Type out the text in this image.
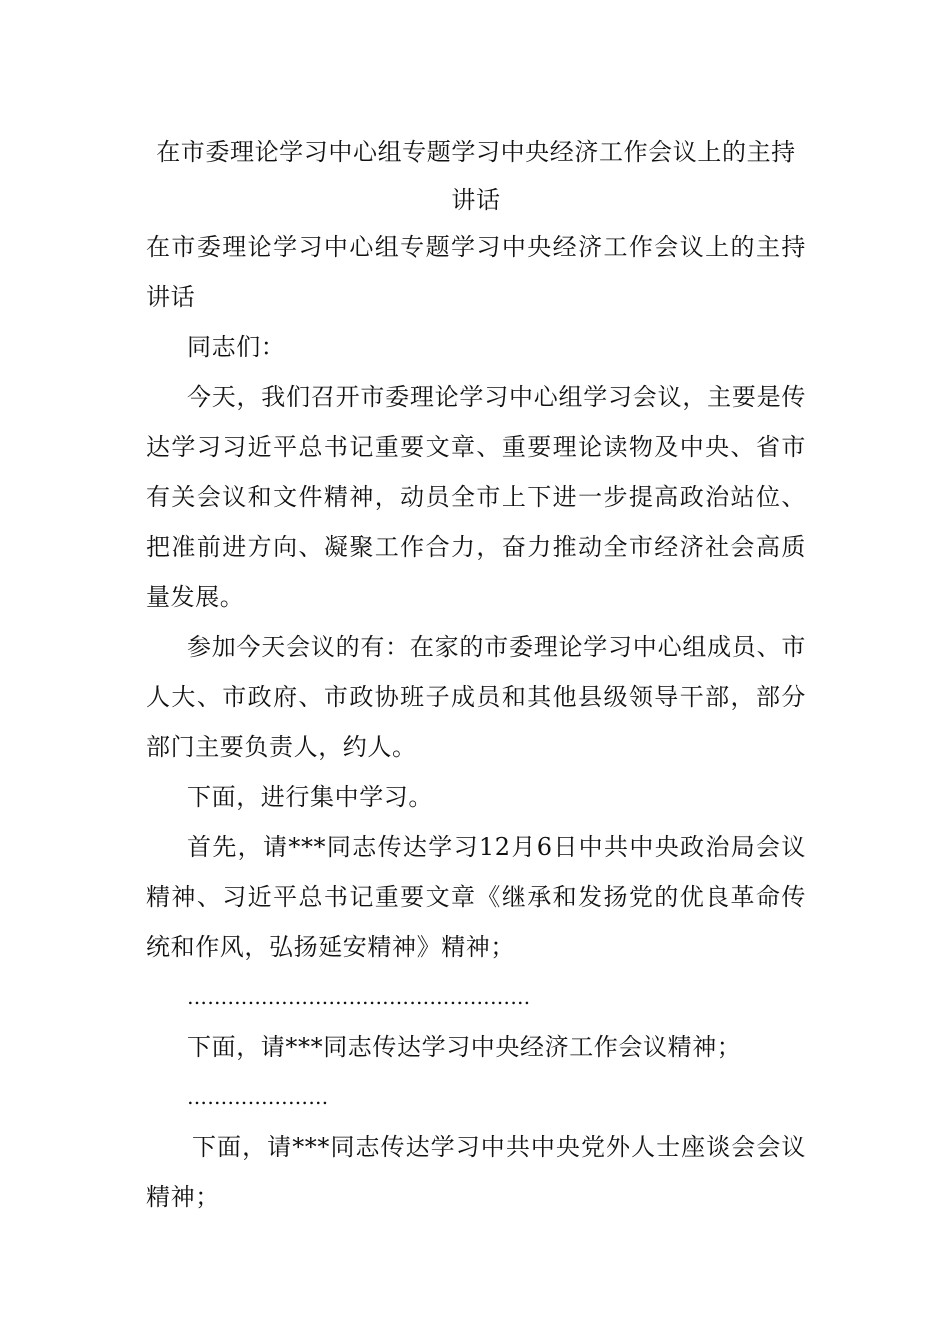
在市委理论学习中心组专题学习中央经济工作会议上的主持讲话

在市委理论学习中心组专题学习中央经济工作会议上的主持讲话

同志们：

今天，我们召开市委理论学习中心组学习会议，主要是传达学习习近平总书记重要文章、重要理论读物及中央、省市有关会议和文件精神，动员全市上下进一步提高政治站位、把准前进方向、凝聚工作合力，奋力推动全市经济社会高质量发展。

参加今天会议的有：在家的市委理论学习中心组成员、市人大、市政府、市政协班子成员和其他县级领导干部，部分部门主要负责人，约人。

下面，进行集中学习。

首先，请***同志传达学习12月6日中共中央政治局会议精神、习近平总书记重要文章《继承和发扬党的优良革命传统和作风，弘扬延安精神》精神；

……………………………………………

下面，请***同志传达学习中央经济工作会议精神；

…………………

下面，请***同志传达学习中共中央党外人士座谈会会议精神；
